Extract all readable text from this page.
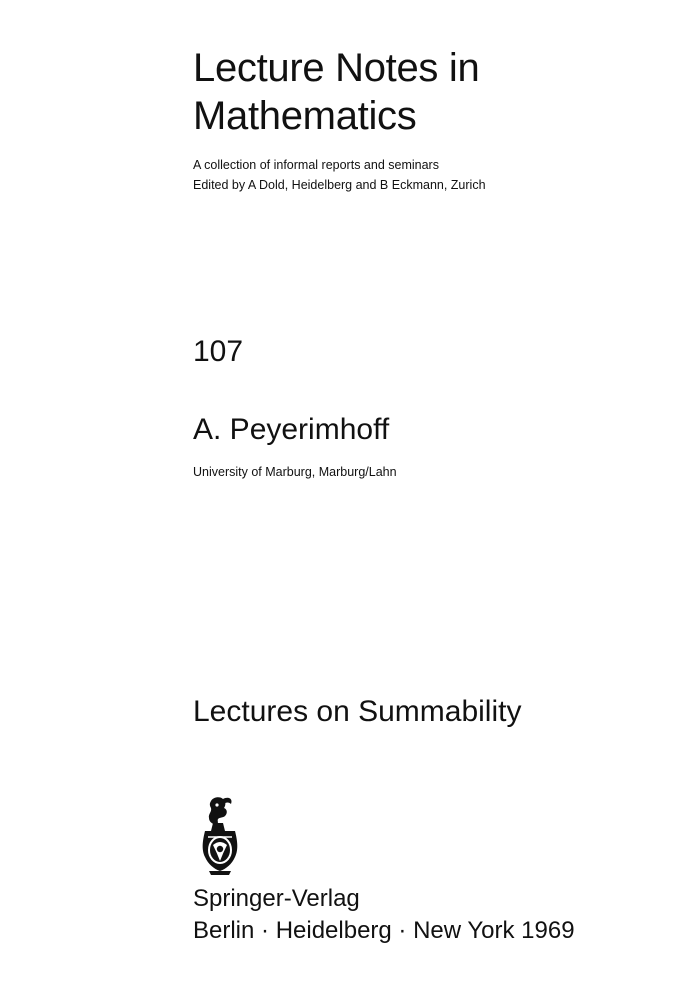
Lecture Notes in
Mathematics
A collection of informal reports and seminars
Edited by A Dold, Heidelberg and B Eckmann, Zurich
107
A. Peyerimhoff
University of Marburg, Marburg/Lahn
Lectures on Summability
Springer-Verlag
Berlin · Heidelberg · New York 1969
